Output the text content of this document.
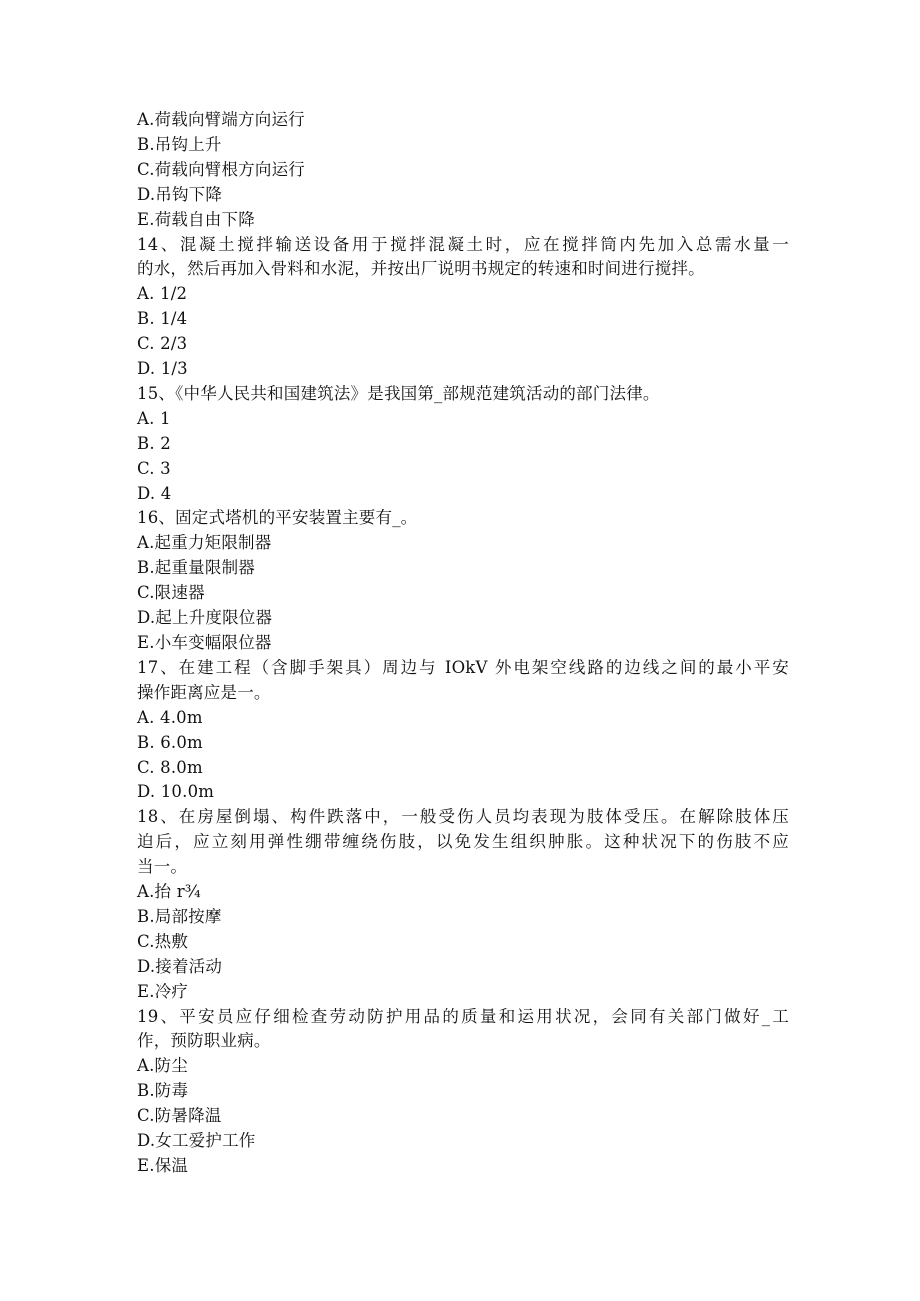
A.荷载向臂端方向运行
B.吊钩上升
C.荷载向臂根方向运行
D.吊钩下降
E.荷载自由下降
14、混凝土搅拌输送设备用于搅拌混凝土时，应在搅拌筒内先加入总需水量一
的水，然后再加入骨料和水泥，并按出厂说明书规定的转速和时间进行搅拌。
A. 1/2
B. 1/4
C. 2/3
D. 1/3
15、《中华人民共和国建筑法》是我国第_部规范建筑活动的部门法律。
A. 1
B. 2
C. 3
D. 4
16、固定式塔机的平安装置主要有_。
A.起重力矩限制器
B.起重量限制器
C.限速器
D.起上升度限位器
E.小车变幅限位器
17、在建工程（含脚手架具）周边与 IOkV 外电架空线路的边线之间的最小平安
操作距离应是一。
A. 4.0m
B. 6.0m
C. 8.0m
D. 10.0m
18、在房屋倒塌、构件跌落中，一般受伤人员均表现为肢体受压。在解除肢体压
迫后，应立刻用弹性绷带缠绕伤肢，以免发生组织肿胀。这种状况下的伤肢不应
当一。
A.抬 r¾
B.局部按摩
C.热敷
D.接着活动
E.冷疗
19、平安员应仔细检查劳动防护用品的质量和运用状况，会同有关部门做好_工
作，预防职业病。
A.防尘
B.防毒
C.防暑降温
D.女工爱护工作
E.保温
